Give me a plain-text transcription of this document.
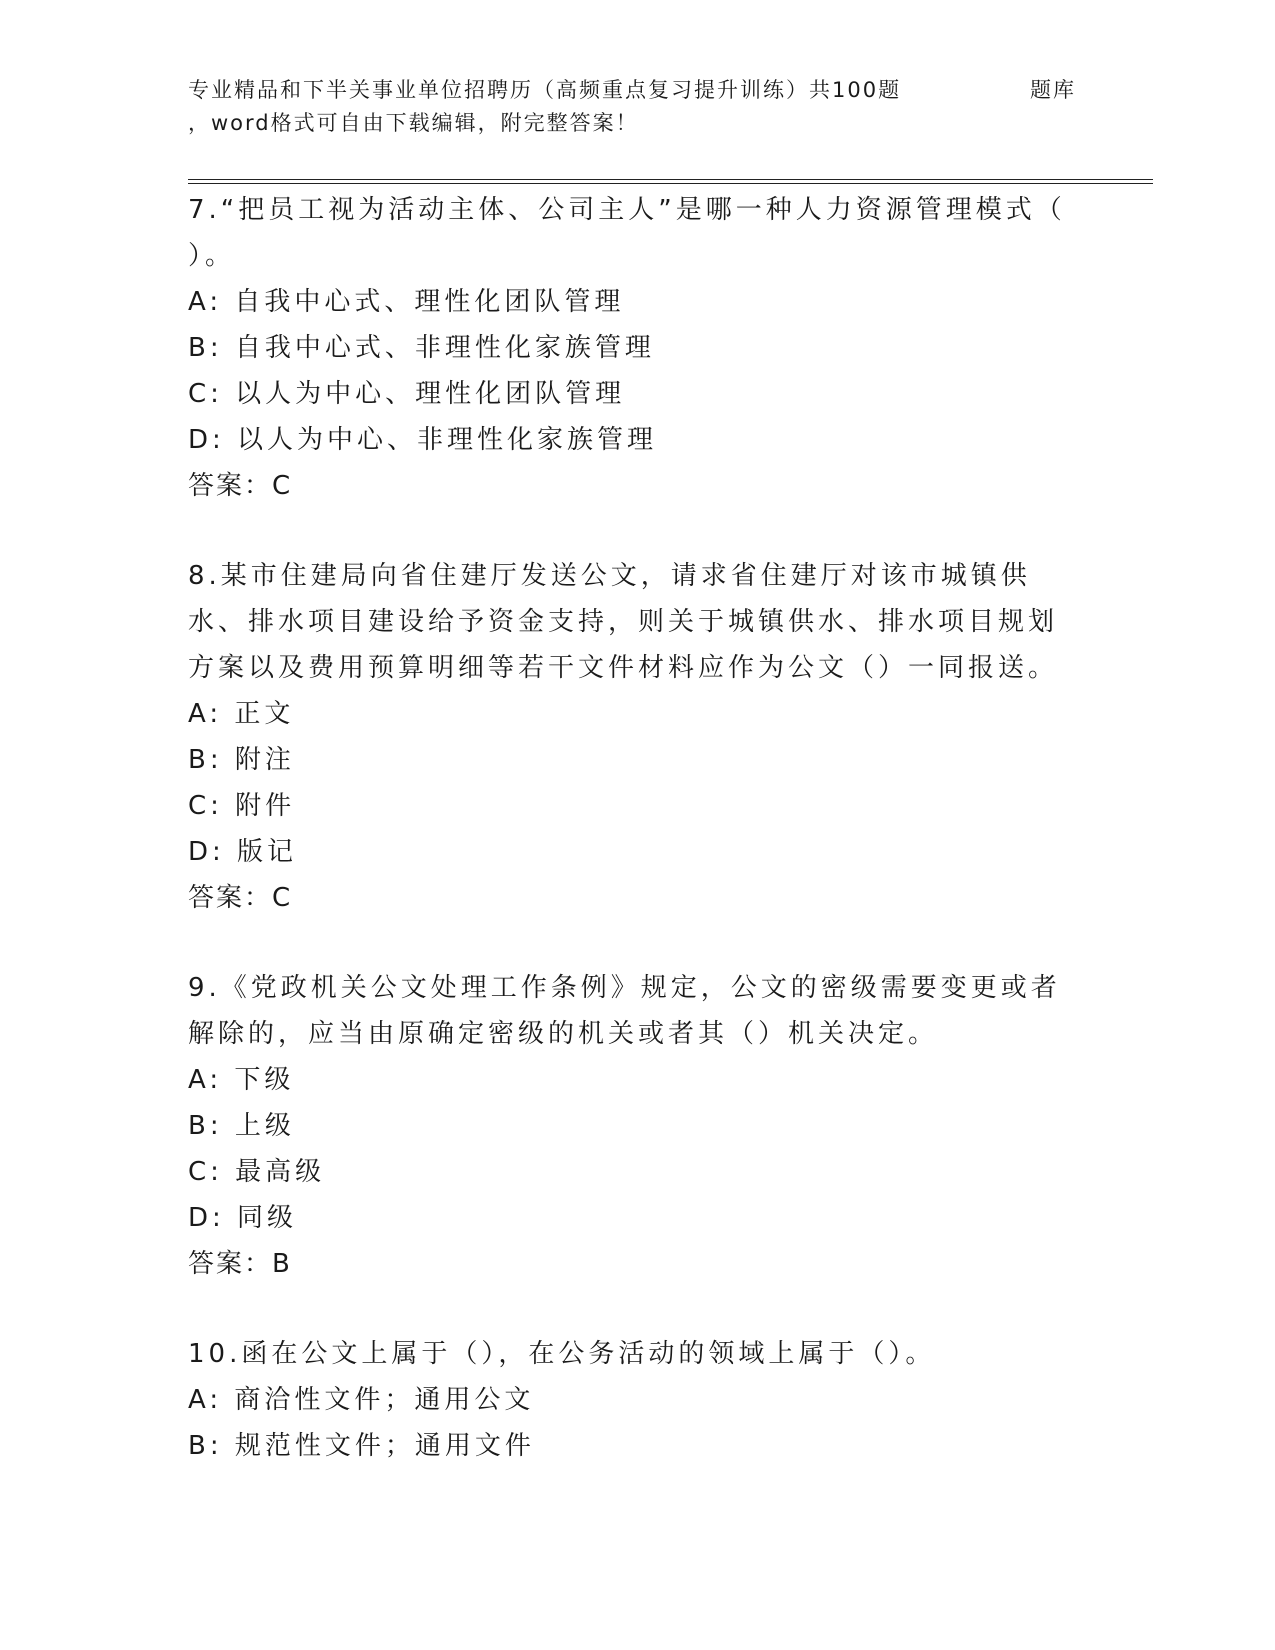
专业精品和下半关事业单位招聘历（高频重点复习提升训练）共100题	题库
，word格式可自由下载编辑，附完整答案！

7.“把员工视为活动主体、公司主人”是哪一种人力资源管理模式（ ）。

A: 自我中心式、理性化团队管理

B: 自我中心式、非理性化家族管理

C: 以人为中心、理性化团队管理

D: 以人为中心、非理性化家族管理

答案：C

8.某市住建局向省住建厅发送公文，请求省住建厅对该市城镇供水、排水项目建设给予资金支持，则关于城镇供水、排水项目规划方案以及费用预算明细等若干文件材料应作为公文（）一同报送。

A: 正文

B: 附注

C: 附件

D: 版记

答案：C

9.《党政机关公文处理工作条例》规定，公文的密级需要变更或者解除的，应当由原确定密级的机关或者其（）机关决定。

A: 下级

B: 上级

C: 最高级

D: 同级

答案：B

10.函在公文上属于（），在公务活动的领域上属于（）。

A: 商洽性文件；通用公文

B: 规范性文件；通用文件
